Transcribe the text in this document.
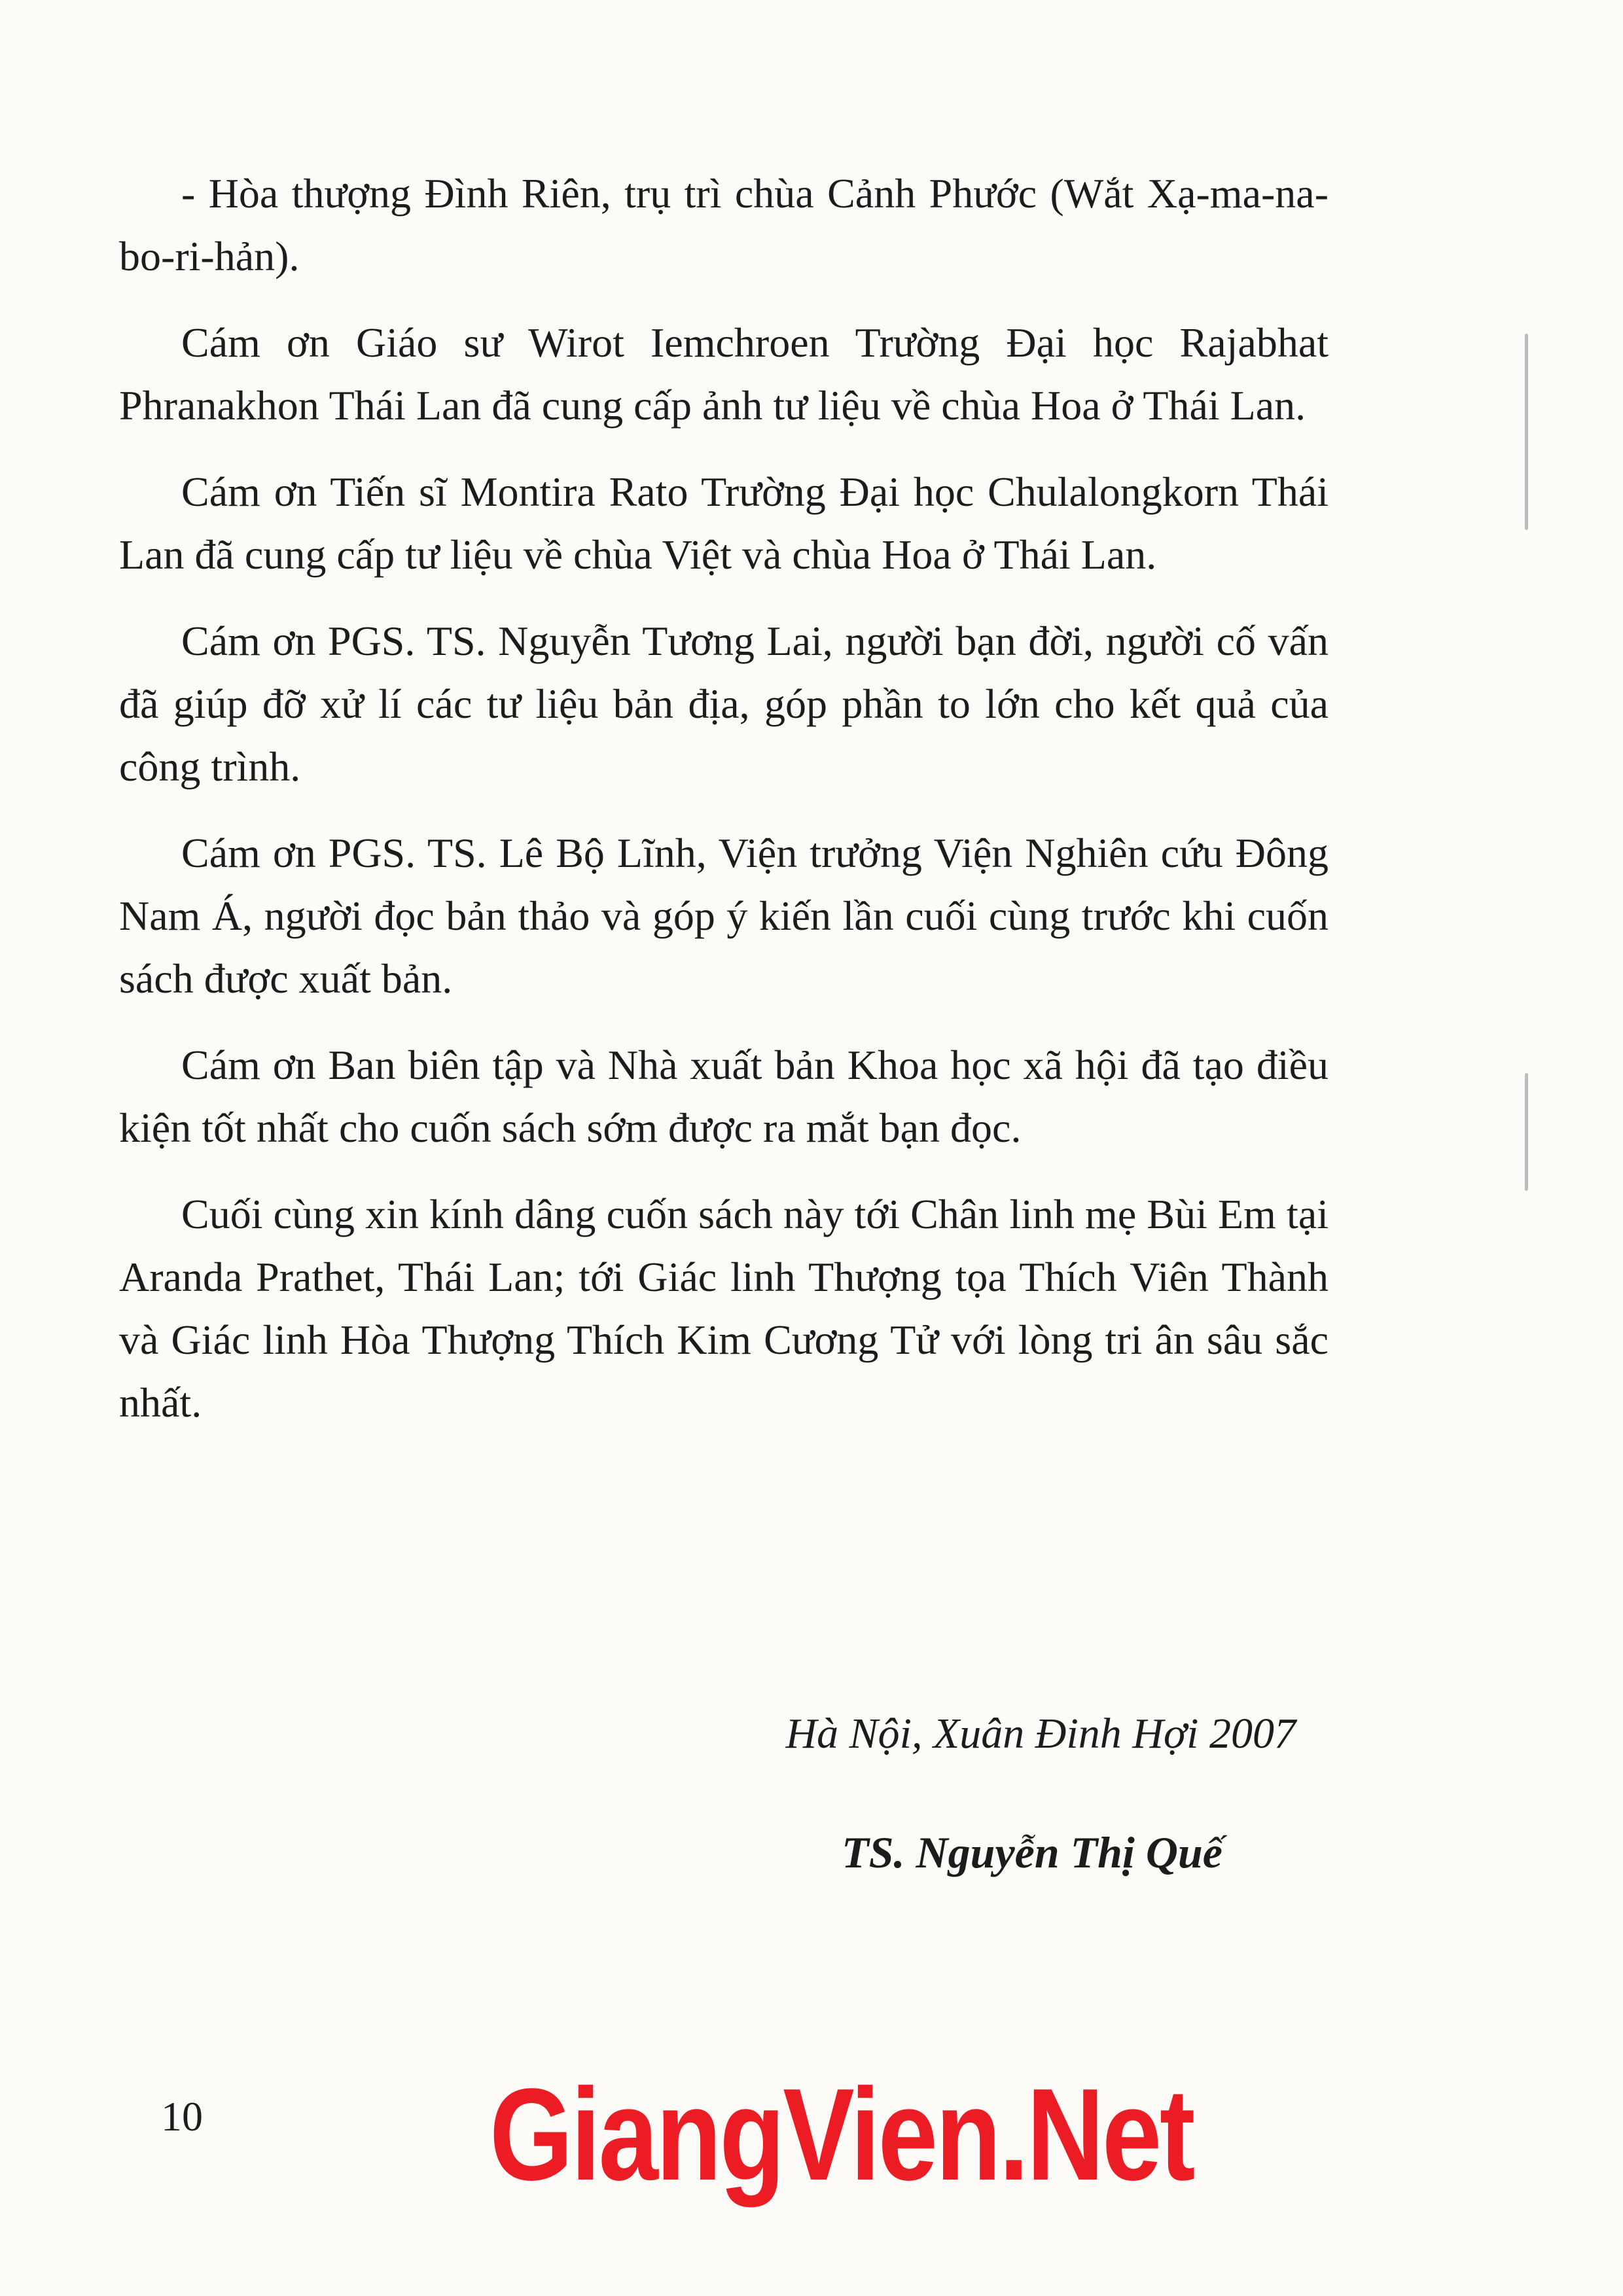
- Hòa thượng Đình Riên, trụ trì chùa Cảnh Phước (Wắt Xạ-ma-na-bo-ri-hản).

Cám ơn Giáo sư Wirot Iemchroen Trường Đại học Rajabhat Phranakhon Thái Lan đã cung cấp ảnh tư liệu về chùa Hoa ở Thái Lan.

Cám ơn Tiến sĩ Montira Rato Trường Đại học Chulalongkorn Thái Lan đã cung cấp tư liệu về chùa Việt và chùa Hoa ở Thái Lan.

Cám ơn PGS. TS. Nguyễn Tương Lai, người bạn đời, người cố vấn đã giúp đỡ xử lí các tư liệu bản địa, góp phần to lớn cho kết quả của công trình.

Cám ơn PGS. TS. Lê Bộ Lĩnh, Viện trưởng Viện Nghiên cứu Đông Nam Á, người đọc bản thảo và góp ý kiến lần cuối cùng trước khi cuốn sách được xuất bản.

Cám ơn Ban biên tập và Nhà xuất bản Khoa học xã hội đã tạo điều kiện tốt nhất cho cuốn sách sớm được ra mắt bạn đọc.

Cuối cùng xin kính dâng cuốn sách này tới Chân linh mẹ Bùi Em tại Aranda Prathet, Thái Lan; tới Giác linh Thượng tọa Thích Viên Thành và Giác linh Hòa Thượng Thích Kim Cương Tử với lòng tri ân sâu sắc nhất.

Hà Nội, Xuân Đinh Hợi 2007
TS. Nguyễn Thị Quế
10 GiangVien.Net
